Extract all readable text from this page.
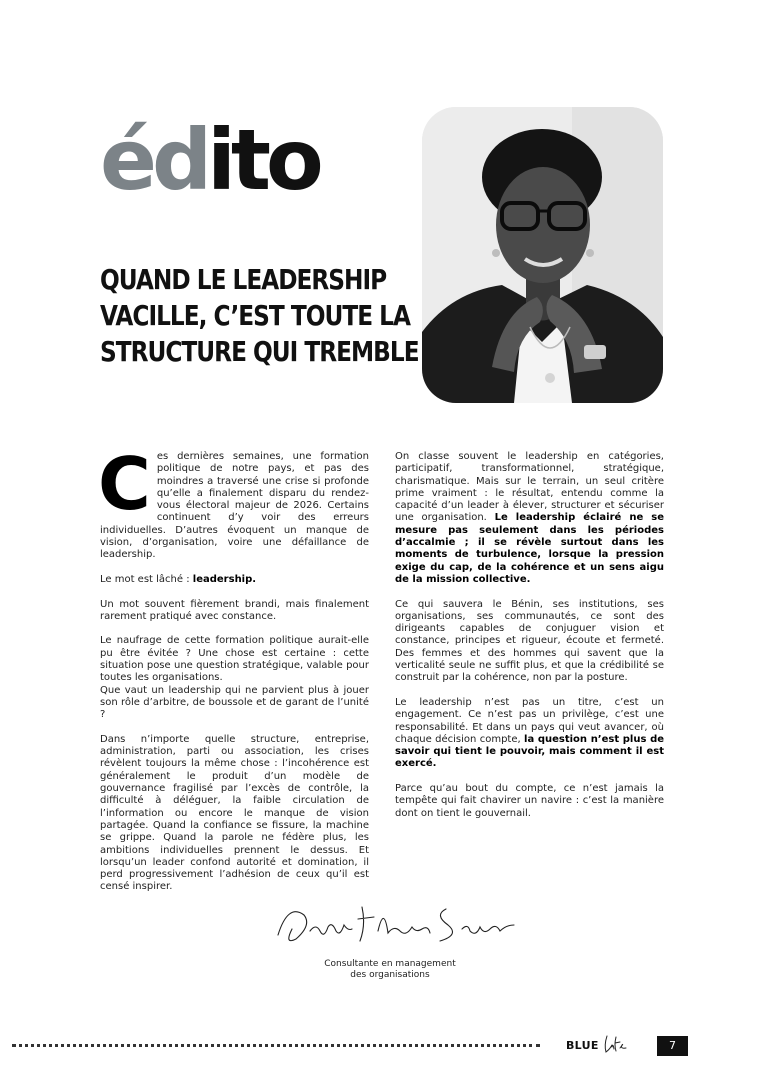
édito
QUAND LE LEADERSHIP
VACILLE, C’EST TOUTE LA
STRUCTURE QUI TREMBLE

Ces dernières semaines, une formation politique de notre pays, et pas des moindres a traversé une crise si profonde qu’elle a finalement disparu du rendez-vous électoral majeur de 2026. Certains continuent d’y voir des erreurs individuelles. D’autres évoquent un manque de vision, d’organisation, voire une défaillance de leadership.

Le mot est lâché : leadership.

Un mot souvent fièrement brandi, mais finalement rarement pratiqué avec constance.

Le naufrage de cette formation politique aurait-elle pu être évitée ? Une chose est certaine : cette situation pose une question stratégique, valable pour toutes les organisations.
Que vaut un leadership qui ne parvient plus à jouer son rôle d’arbitre, de boussole et de garant de l’unité ?

Dans n’importe quelle structure, entreprise, administration, parti ou association, les crises révèlent toujours la même chose : l’incohérence est généralement le produit d’un modèle de gouvernance fragilisé par l’excès de contrôle, la difficulté à déléguer, la faible circulation de l’information ou encore le manque de vision partagée. Quand la confiance se fissure, la machine se grippe. Quand la parole ne fédère plus, les ambitions individuelles prennent le dessus. Et lorsqu’un leader confond autorité et domination, il perd progressivement l’adhésion de ceux qu’il est censé inspirer.

On classe souvent le leadership en catégories, participatif, transformationnel, stratégique, charismatique. Mais sur le terrain, un seul critère prime vraiment : le résultat, entendu comme la capacité d’un leader à élever, structurer et sécuriser une organisation. Le leadership éclairé ne se mesure pas seulement dans les périodes d’accalmie ; il se révèle surtout dans les moments de turbulence, lorsque la pression exige du cap, de la cohérence et un sens aigu de la mission collective.

Ce qui sauvera le Bénin, ses institutions, ses organisations, ses communautés, ce sont des dirigeants capables de conjuguer vision et constance, principes et rigueur, écoute et fermeté. Des femmes et des hommes qui savent que la verticalité seule ne suffit plus, et que la crédibilité se construit par la cohérence, non par la posture.

Le leadership n’est pas un titre, c’est un engagement. Ce n’est pas un privilège, c’est une responsabilité. Et dans un pays qui veut avancer, où chaque décision compte, la question n’est plus de savoir qui tient le pouvoir, mais comment il est exercé.

Parce qu’au bout du compte, ce n’est jamais la tempête qui fait chavirer un navire : c’est la manière dont on tient le gouvernail.

Consultante en management
des organisations
BLUE	7
